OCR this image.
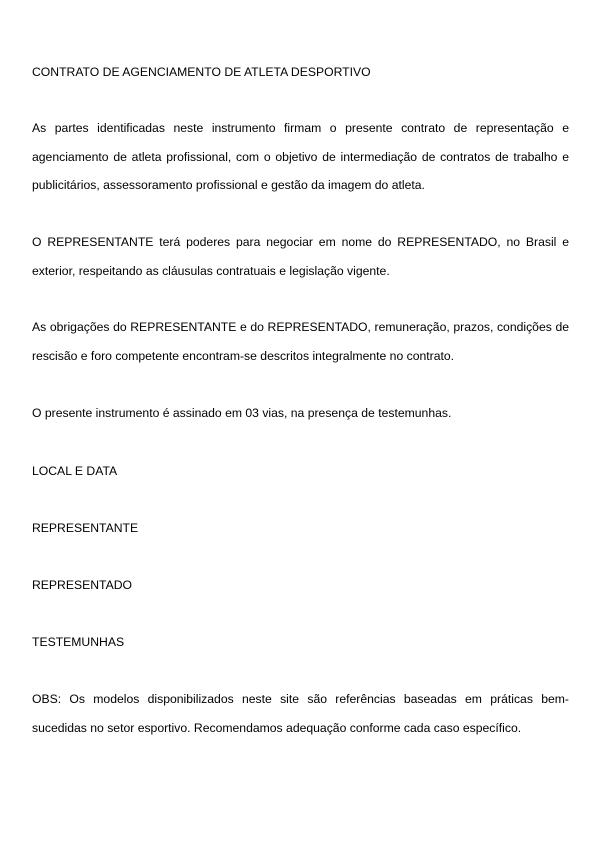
CONTRATO DE AGENCIAMENTO DE ATLETA DESPORTIVO
As partes identificadas neste instrumento firmam o presente contrato de representação e agenciamento de atleta profissional, com o objetivo de intermediação de contratos de trabalho e publicitários, assessoramento profissional e gestão da imagem do atleta.
O REPRESENTANTE terá poderes para negociar em nome do REPRESENTADO, no Brasil e exterior, respeitando as cláusulas contratuais e legislação vigente.
As obrigações do REPRESENTANTE e do REPRESENTADO, remuneração, prazos, condições de rescisão e foro competente encontram-se descritos integralmente no contrato.
O presente instrumento é assinado em 03 vias, na presença de testemunhas.
LOCAL E DATA
REPRESENTANTE
REPRESENTADO
TESTEMUNHAS
OBS: Os modelos disponibilizados neste site são referências baseadas em práticas bem-sucedidas no setor esportivo. Recomendamos adequação conforme cada caso específico.
